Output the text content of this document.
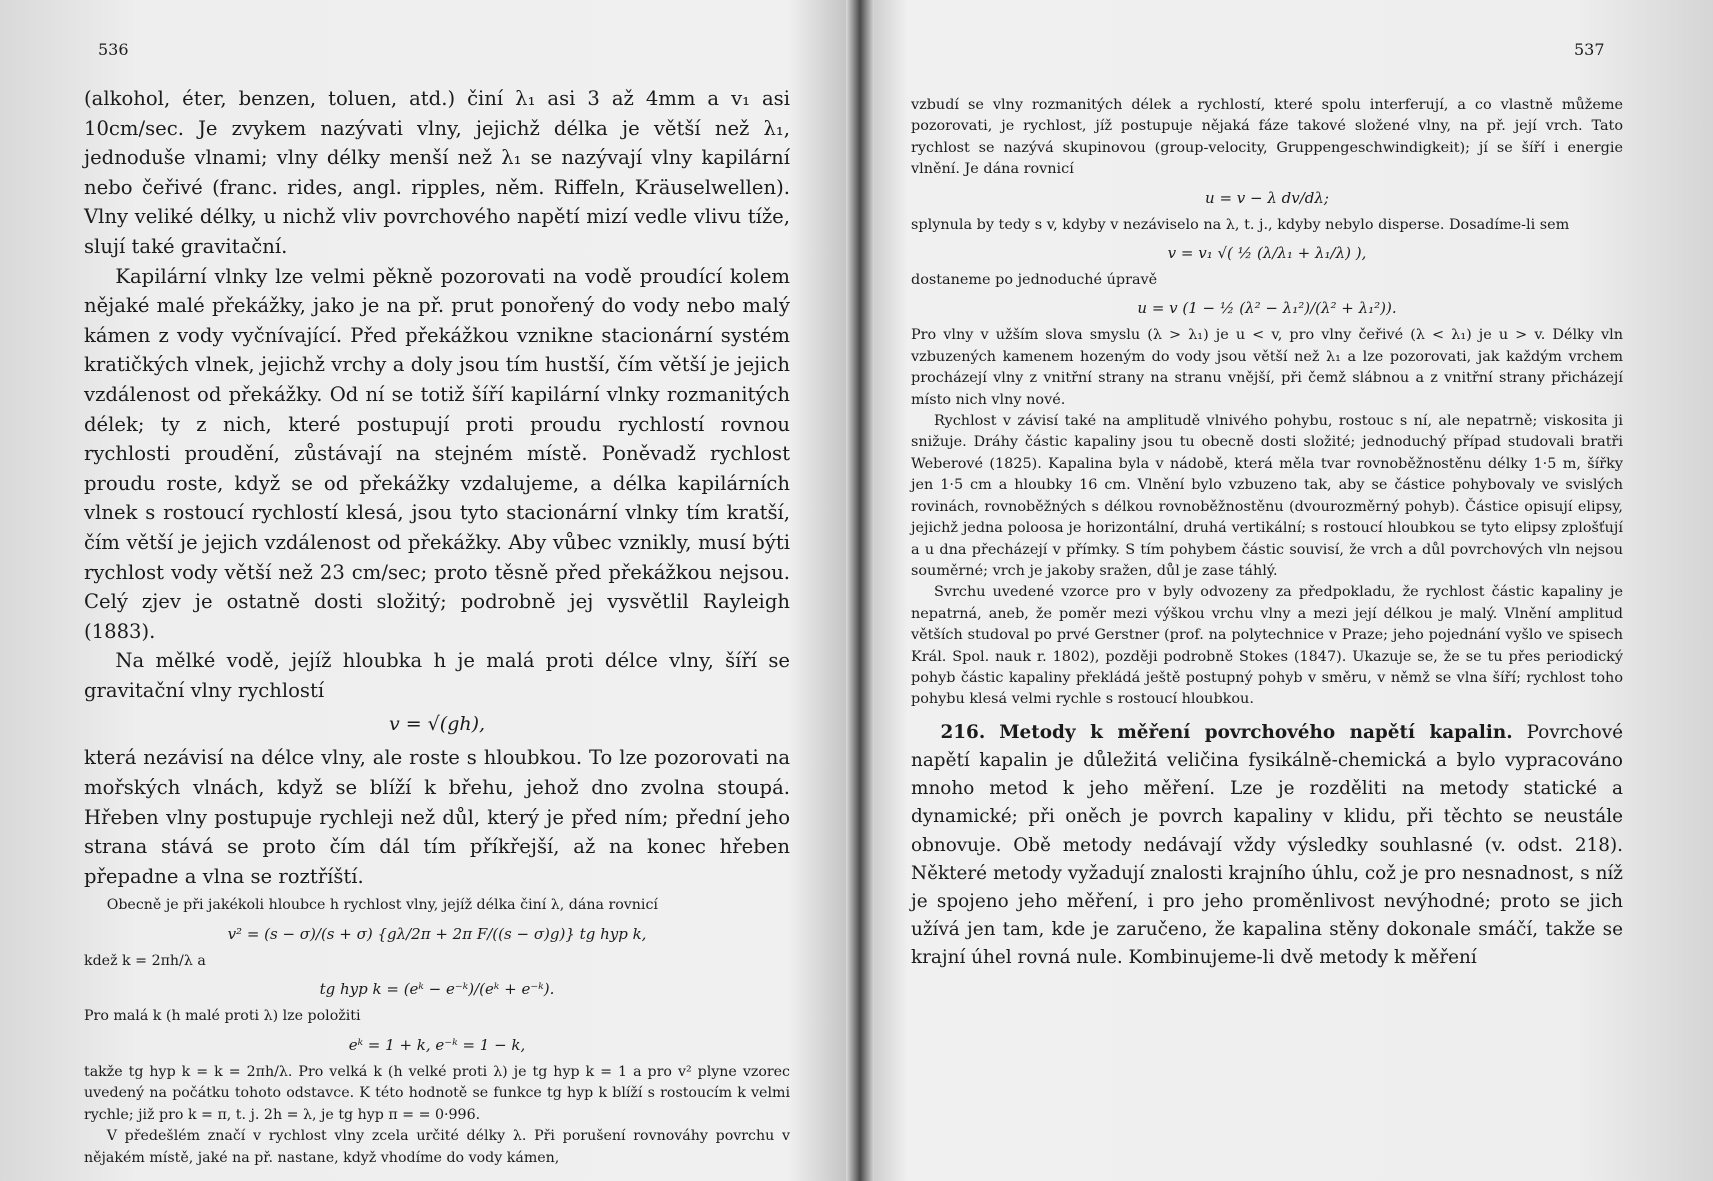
536

(alkohol, éter, benzen, toluen, atd.) činí λ₁ asi 3 až 4mm a v₁ asi 10cm/sec. Je zvykem nazývati vlny, jejichž délka je větší než λ₁, jednoduše vlnami; vlny délky menší než λ₁ se nazývají vlny kapilární nebo čeřivé (franc. rides, angl. ripples, něm. Riffeln, Kräuselwellen). Vlny veliké délky, u nichž vliv povrchového napětí mizí vedle vlivu tíže, slují také gravitační.

Kapilární vlnky lze velmi pěkně pozorovati na vodě proudící kolem nějaké malé překážky, jako je na př. prut ponořený do vody nebo malý kámen z vody vyčnívající. Před překážkou vznikne stacionární systém kratičkých vlnek, jejichž vrchy a doly jsou tím hustší, čím větší je jejich vzdálenost od překážky. Od ní se totiž šíří kapilární vlnky rozmanitých délek; ty z nich, které postupují proti proudu rychlostí rovnou rychlosti proudění, zůstávají na stejném místě. Poněvadž rychlost proudu roste, když se od překážky vzdalujeme, a délka kapilárních vlnek s rostoucí rychlostí klesá, jsou tyto stacionární vlnky tím kratší, čím větší je jejich vzdálenost od překážky. Aby vůbec vznikly, musí býti rychlost vody větší než 23 cm/sec; proto těsně před překážkou nejsou. Celý zjev je ostatně dosti složitý; podrobně jej vysvětlil Rayleigh (1883).

Na mělké vodě, jejíž hloubka h je malá proti délce vlny, šíří se gravitační vlny rychlostí

v = √(gh),

která nezávisí na délce vlny, ale roste s hloubkou. To lze pozorovati na mořských vlnách, když se blíží k břehu, jehož dno zvolna stoupá. Hřeben vlny postupuje rychleji než důl, který je před ním; přední jeho strana stává se proto čím dál tím příkřejší, až na konec hřeben přepadne a vlna se roztříští.

Obecně je při jakékoli hloubce h rychlost vlny, jejíž délka činí λ, dána rovnicí

v² = (s − σ)/(s + σ) {gλ/2π + 2π F/((s − σ)g)} tg hyp k,

kdež k = 2πh/λ a

tg hyp k = (eᵏ − e⁻ᵏ)/(eᵏ + e⁻ᵏ).

Pro malá k (h malé proti λ) lze položiti

eᵏ = 1 + k, e⁻ᵏ = 1 − k,

takže tg hyp k = k = 2πh/λ. Pro velká k (h velké proti λ) je tg hyp k = 1 a pro v² plyne vzorec uvedený na počátku tohoto odstavce. K této hodnotě se funkce tg hyp k blíží s rostoucím k velmi rychle; již pro k = π, t. j. 2h = λ, je tg hyp π = = 0·996.

V předešlém značí v rychlost vlny zcela určité délky λ. Při porušení rovnováhy povrchu v nějakém místě, jaké na př. nastane, když vhodíme do vody kámen,

537

vzbudí se vlny rozmanitých délek a rychlostí, které spolu interferují, a co vlastně můžeme pozorovati, je rychlost, jíž postupuje nějaká fáze takové složené vlny, na př. její vrch. Tato rychlost se nazývá skupinovou (group-velocity, Gruppengeschwindigkeit); jí se šíří i energie vlnění. Je dána rovnicí

u = v − λ dv/dλ;

splynula by tedy s v, kdyby v nezáviselo na λ, t. j., kdyby nebylo disperse. Dosadíme-li sem

v = v₁ √( ½ (λ/λ₁ + λ₁/λ) ),

dostaneme po jednoduché úpravě

u = v (1 − ½ (λ² − λ₁²)/(λ² + λ₁²)).

Pro vlny v užším slova smyslu (λ > λ₁) je u < v, pro vlny čeřivé (λ < λ₁) je u > v. Délky vln vzbuzených kamenem hozeným do vody jsou větší než λ₁ a lze pozorovati, jak každým vrchem procházejí vlny z vnitřní strany na stranu vnější, při čemž slábnou a z vnitřní strany přicházejí místo nich vlny nové.

Rychlost v závisí také na amplitudě vlnivého pohybu, rostouc s ní, ale nepatrně; viskosita ji snižuje. Dráhy částic kapaliny jsou tu obecně dosti složité; jednoduchý případ studovali bratři Weberové (1825). Kapalina byla v nádobě, která měla tvar rovnoběžnostěnu délky 1·5 m, šířky jen 1·5 cm a hloubky 16 cm. Vlnění bylo vzbuzeno tak, aby se částice pohybovaly ve svislých rovinách, rovnoběžných s délkou rovnoběžnostěnu (dvourozměrný pohyb). Částice opisují elipsy, jejichž jedna poloosa je horizontální, druhá vertikální; s rostoucí hloubkou se tyto elipsy zplošťují a u dna přecházejí v přímky. S tím pohybem částic souvisí, že vrch a důl povrchových vln nejsou souměrné; vrch je jakoby sražen, důl je zase táhlý.

Svrchu uvedené vzorce pro v byly odvozeny za předpokladu, že rychlost částic kapaliny je nepatrná, aneb, že poměr mezi výškou vrchu vlny a mezi její délkou je malý. Vlnění amplitud větších studoval po prvé Gerstner (prof. na polytechnice v Praze; jeho pojednání vyšlo ve spisech Král. Spol. nauk r. 1802), později podrobně Stokes (1847). Ukazuje se, že se tu přes periodický pohyb částic kapaliny překládá ještě postupný pohyb v směru, v němž se vlna šíří; rychlost toho pohybu klesá velmi rychle s rostoucí hloubkou.

216. Metody k měření povrchového napětí kapalin. Povrchové napětí kapalin je důležitá veličina fysikálně-chemická a bylo vypracováno mnoho metod k jeho měření. Lze je rozděliti na metody statické a dynamické; při oněch je povrch kapaliny v klidu, při těchto se neustále obnovuje. Obě metody nedávají vždy výsledky souhlasné (v. odst. 218). Některé metody vyžadují znalosti krajního úhlu, což je pro nesnadnost, s níž je spojeno jeho měření, i pro jeho proměnlivost nevýhodné; proto se jich užívá jen tam, kde je zaručeno, že kapalina stěny dokonale smáčí, takže se krajní úhel rovná nule. Kombinujeme-li dvě metody k měření
